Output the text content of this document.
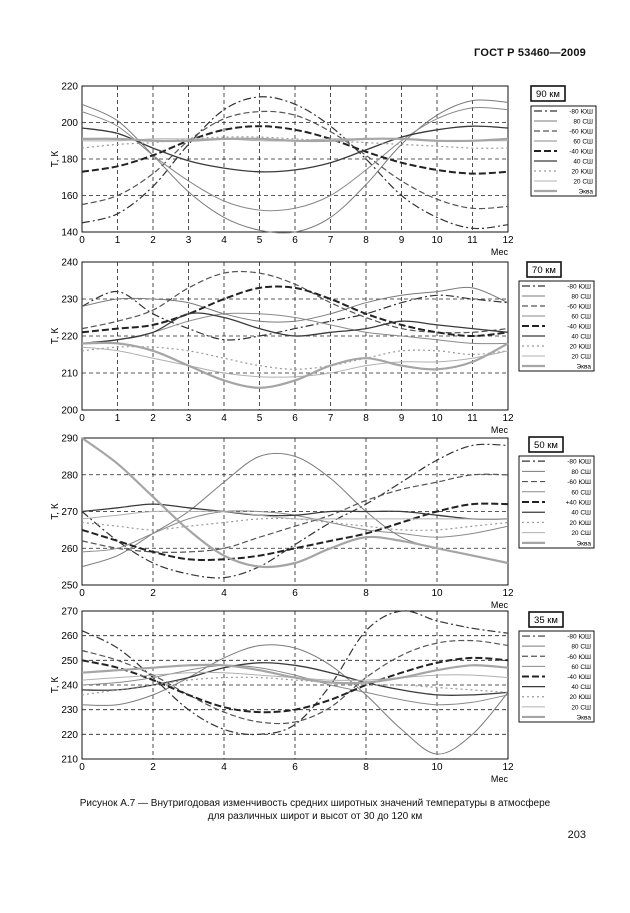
ГОСТ Р 53460—2009
0	1	2	3	4	5	6	7	8	9	10 11 12
140
160
180
200
220
Т, К
Мес
90 км
-80 ЮШ
80 СШ
-60 ЮШ
60 СШ
-40 ЮШ
40 СШ
20 ЮШ
20 СШ
Эква
0	1	2	3	4	5	6	7	8	9	10 11 12
200
210
220
230
240
Т, К
Мес
70 км
-80 ЮШ
80 СШ
-60 ЮШ
60 СШ
-40 ЮШ
40 СШ
20 ЮШ
20 СШ
Эква
0	2	4	6	8	10	12
250
260
270
280
290
Т, К
Мес
50 км
-80 ЮШ
80 СШ
-60 ЮШ
60 СШ
+40 ЮШ
40 СШ
20 ЮШ
20 СШ
Эква
0	2	4	6	8	10	12
210
220
230
240
250
260
270
Т, К
Мес
35 км
-80 ЮШ
80 СШ
-60 ЮШ
60 СШ
-40 ЮШ
40 СШ
20 ЮШ
20 СШ
Эква
Рисунок А.7 — Внутригодовая изменчивость средних широтных значений температуры в атмосфере
для различных широт и высот от 30 до 120 км
203
